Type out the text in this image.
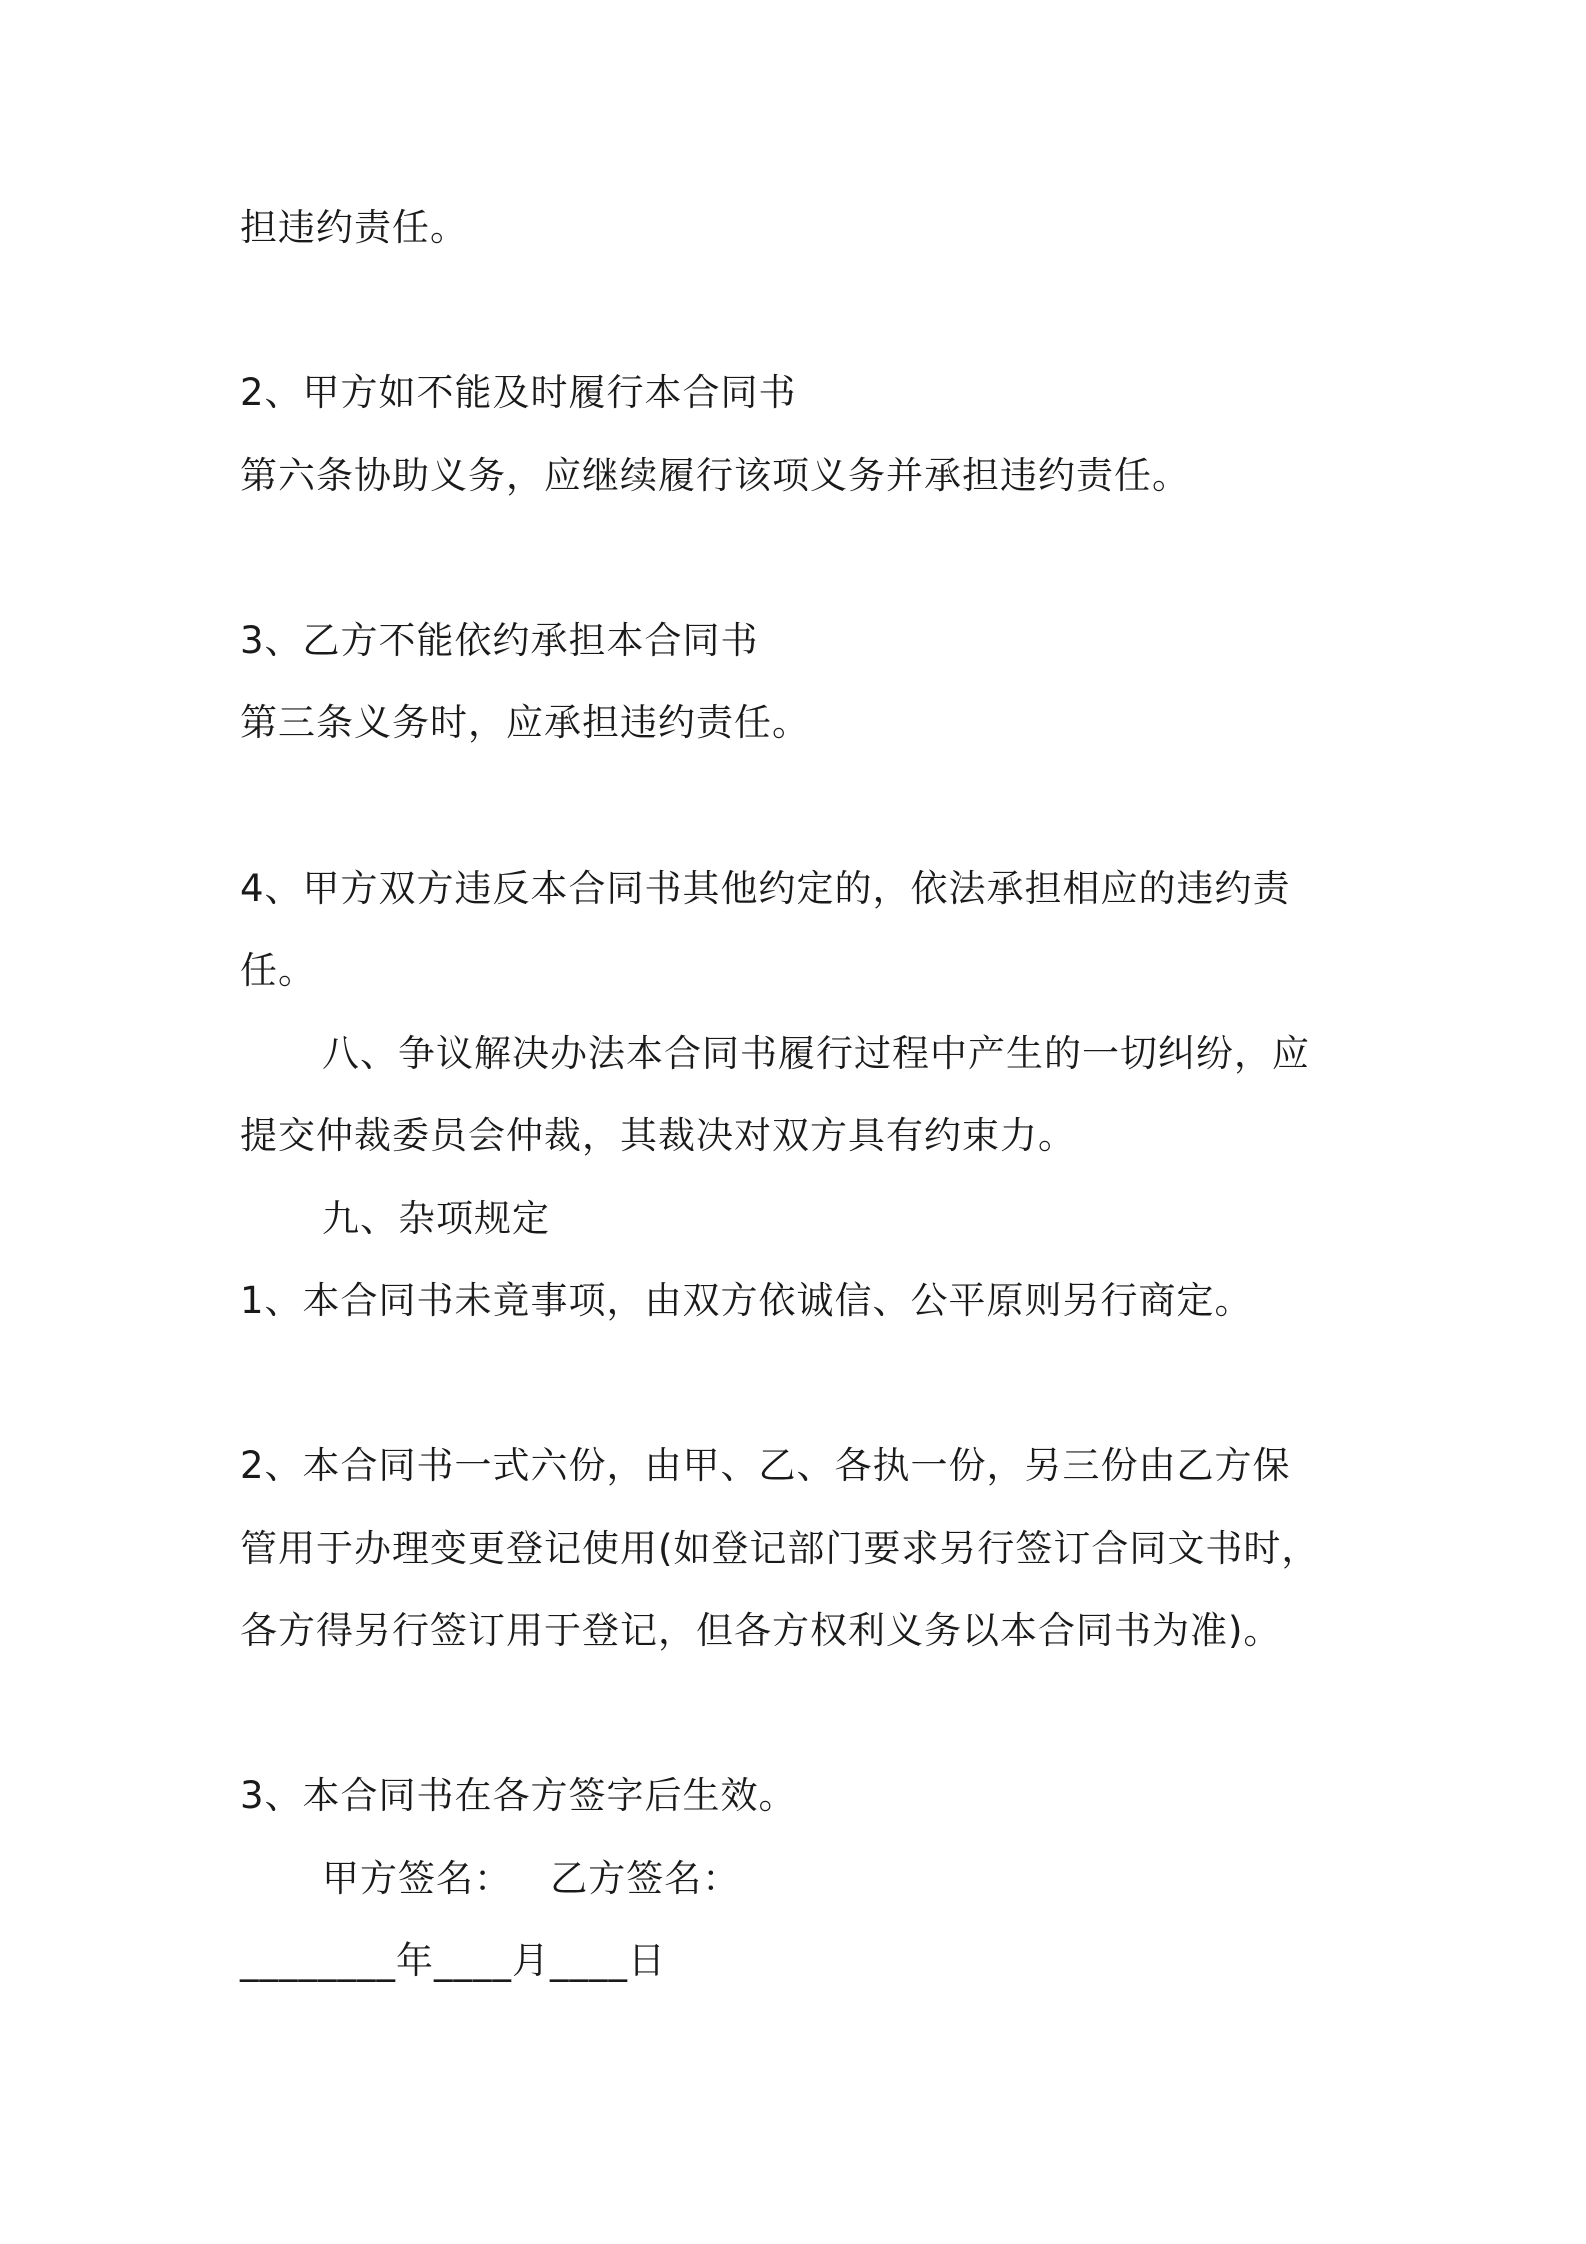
担违约责任。
2、甲方如不能及时履行本合同书
第六条协助义务，应继续履行该项义务并承担违约责任。
3、乙方不能依约承担本合同书
第三条义务时，应承担违约责任。
4、甲方双方违反本合同书其他约定的，依法承担相应的违约责
任。
八、争议解决办法本合同书履行过程中产生的一切纠纷，应
提交仲裁委员会仲裁，其裁决对双方具有约束力。
九、杂项规定
1、本合同书未竟事项，由双方依诚信、公平原则另行商定。
2、本合同书一式六份，由甲、乙、各执一份，另三份由乙方保
管用于办理变更登记使用(如登记部门要求另行签订合同文书时，
各方得另行签订用于登记，但各方权利义务以本合同书为准)。
3、本合同书在各方签字后生效。
甲方签名：   乙方签名：
________年____月____日
